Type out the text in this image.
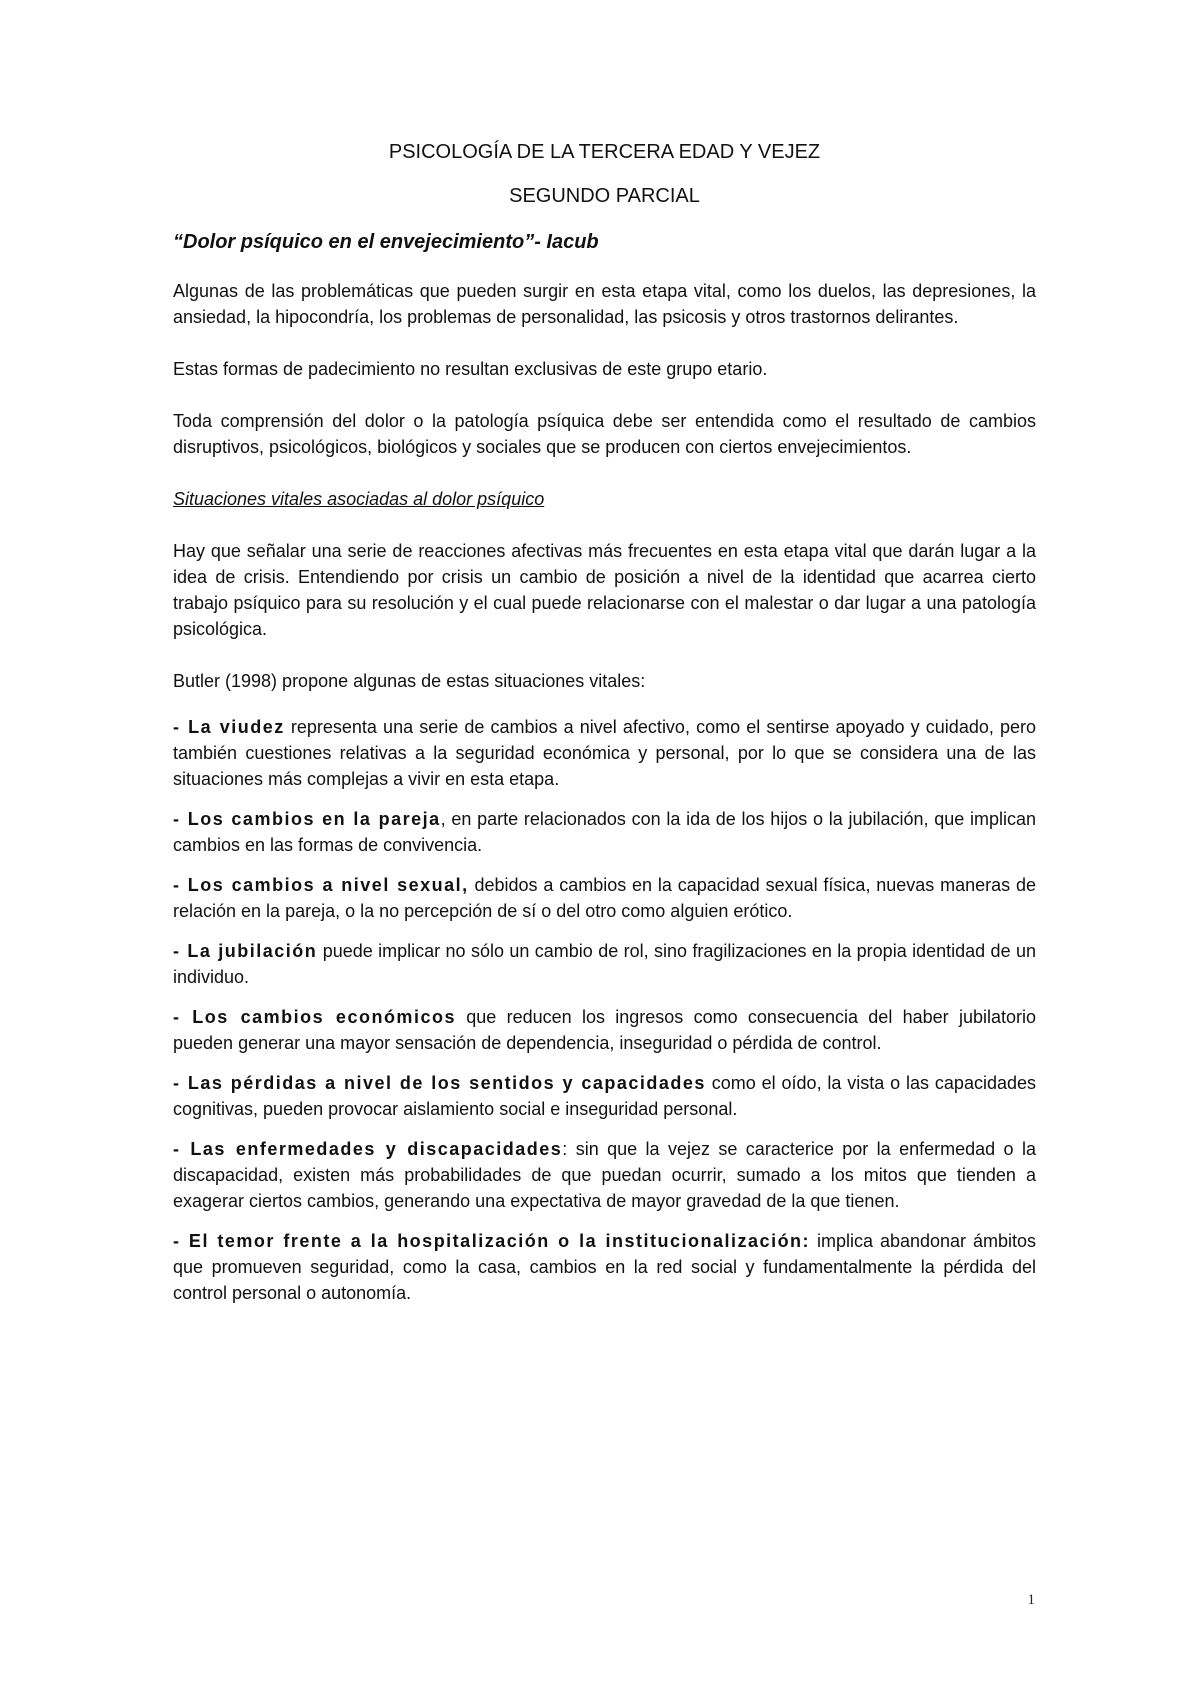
PSICOLOGÍA DE LA TERCERA EDAD Y VEJEZ
SEGUNDO PARCIAL
“Dolor psíquico en el envejecimiento”- Iacub

Algunas de las problemáticas que pueden surgir en esta etapa vital, como los duelos, las depresiones, la ansiedad, la hipocondría, los problemas de personalidad, las psicosis y otros trastornos delirantes.

Estas formas de padecimiento no resultan exclusivas de este grupo etario.

Toda comprensión del dolor o la patología psíquica debe ser entendida como el resultado de cambios disruptivos, psicológicos, biológicos y sociales que se producen con ciertos envejecimientos.

Situaciones vitales asociadas al dolor psíquico

Hay que señalar una serie de reacciones afectivas más frecuentes en esta etapa vital que darán lugar a la idea de crisis. Entendiendo por crisis un cambio de posición a nivel de la identidad que acarrea cierto trabajo psíquico para su resolución y el cual puede relacionarse con el malestar o dar lugar a una patología psicológica.

Butler (1998) propone algunas de estas situaciones vitales:

- La viudez representa una serie de cambios a nivel afectivo, como el sentirse apoyado y cuidado, pero también cuestiones relativas a la seguridad económica y personal, por lo que se considera una de las situaciones más complejas a vivir en esta etapa.

- Los cambios en la pareja, en parte relacionados con la ida de los hijos o la jubilación, que implican cambios en las formas de convivencia.

- Los cambios a nivel sexual, debidos a cambios en la capacidad sexual física, nuevas maneras de relación en la pareja, o la no percepción de sí o del otro como alguien erótico.

- La jubilación puede implicar no sólo un cambio de rol, sino fragilizaciones en la propia identidad de un individuo.

- Los cambios económicos que reducen los ingresos como consecuencia del haber jubilatorio pueden generar una mayor sensación de dependencia, inseguridad o pérdida de control.

- Las pérdidas a nivel de los sentidos y capacidades como el oído, la vista o las capacidades cognitivas, pueden provocar aislamiento social e inseguridad personal.

- Las enfermedades y discapacidades: sin que la vejez se caracterice por la enfermedad o la discapacidad, existen más probabilidades de que puedan ocurrir, sumado a los mitos que tienden a exagerar ciertos cambios, generando una expectativa de mayor gravedad de la que tienen.

- El temor frente a la hospitalización o la institucionalización: implica abandonar ámbitos que promueven seguridad, como la casa, cambios en la red social y fundamentalmente la pérdida del control personal o autonomía.

1
